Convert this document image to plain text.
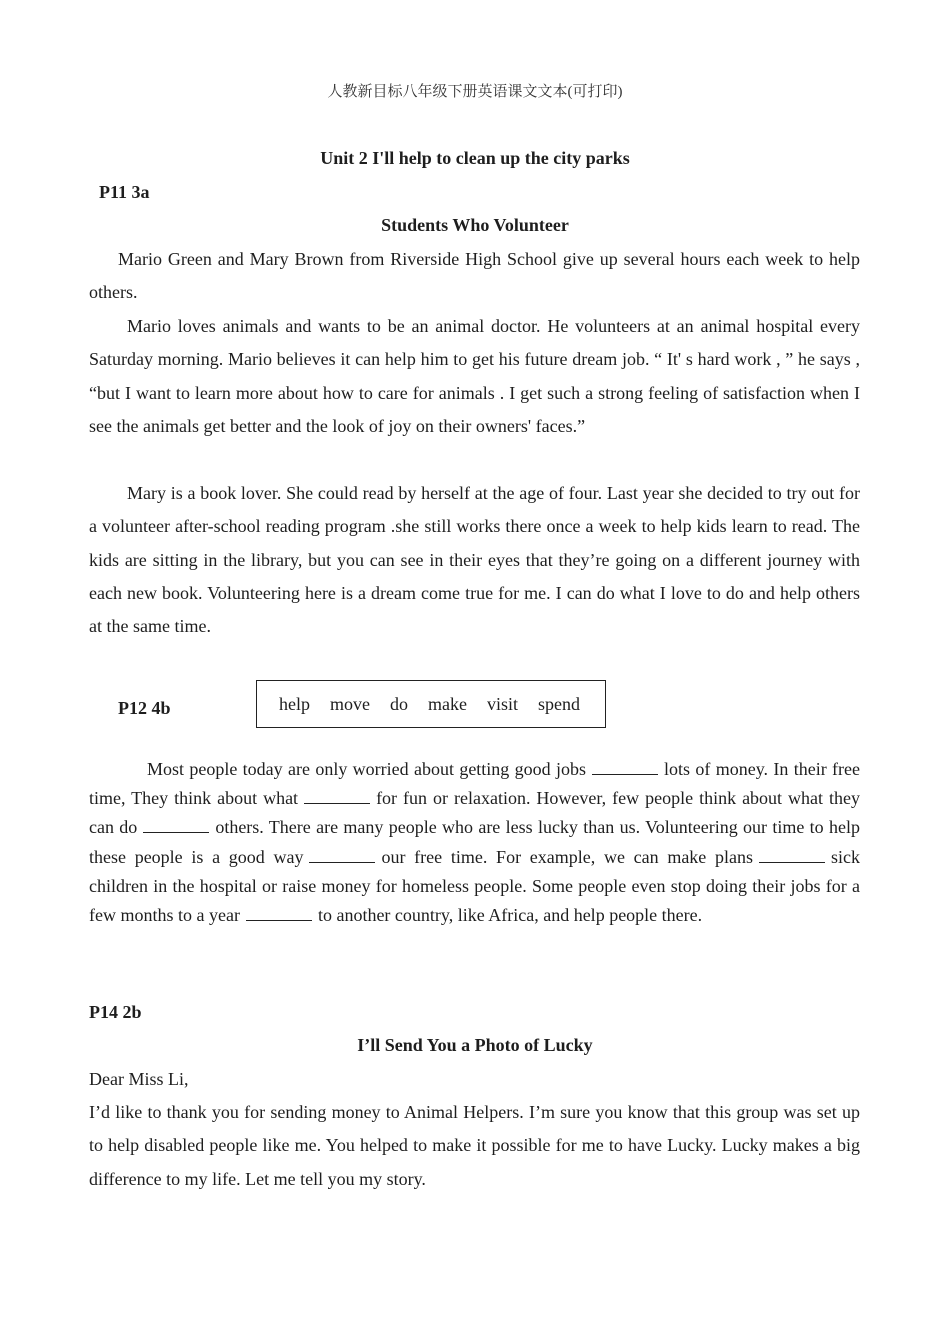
人教新目标八年级下册英语课文文本(可打印)
Unit 2 I'll help to clean up the city parks
P11 3a
Students Who Volunteer
Mario Green and Mary Brown from Riverside High School give up several hours each week to help others.
Mario loves animals and wants to be an animal doctor. He volunteers at an animal hospital every Saturday morning. Mario believes it can help him to get his future dream job. “ It' s hard work , ” he says , “but I want to learn more about how to care for animals . I get such a strong feeling of satisfaction when I see the animals get better and the look of joy on their owners' faces.”
Mary is a book lover. She could read by herself at the age of four. Last year she decided to try out for a volunteer after-school reading program .she still works there once a week to help kids learn to read. The kids are sitting in the library, but you can see in their eyes that they’re going on a different journey with each new book. Volunteering here is a dream come true for me. I can do what I love to do and help others at the same time.
P12 4b	help move do make visit spend
Most people today are only worried about getting good jobs	lots of money. In their free time, They think about what	for fun or relaxation. However, few people think about what they can do	others. There are many people who are less lucky than us. Volunteering our time to help these people is a good way	our free time. For example, we can make plans	sick children in the hospital or raise money for homeless people. Some people even stop doing their jobs for a few months to a year	to another country, like Africa, and help people there.
P14 2b
I’ll Send You a Photo of Lucky
Dear Miss Li,
I’d like to thank you for sending money to Animal Helpers. I’m sure you know that this group was set up to help disabled people like me. You helped to make it possible for me to have Lucky. Lucky makes a big difference to my life. Let me tell you my story.
